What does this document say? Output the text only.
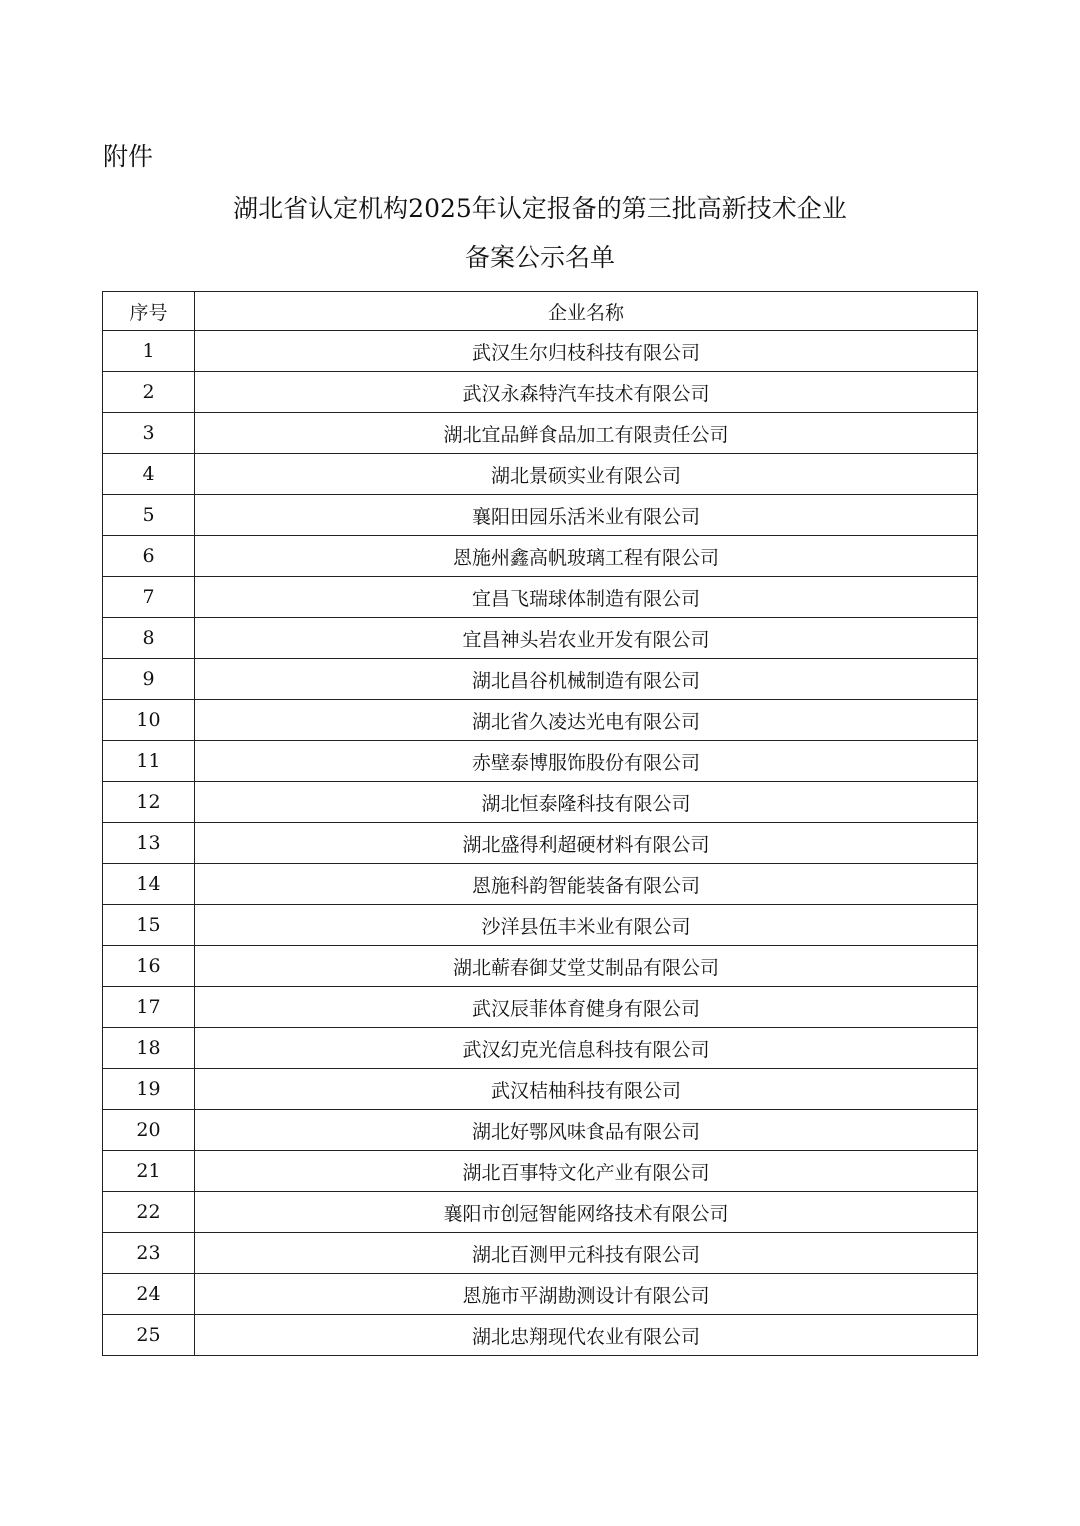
附件
湖北省认定机构2025年认定报备的第三批高新技术企业
备案公示名单
序号	企业名称
1	武汉生尔归枝科技有限公司
2	武汉永森特汽车技术有限公司
3	湖北宜品鲜食品加工有限责任公司
4	湖北景硕实业有限公司
5	襄阳田园乐活米业有限公司
6	恩施州鑫高帆玻璃工程有限公司
7	宜昌飞瑞球体制造有限公司
8	宜昌神头岩农业开发有限公司
9	湖北昌谷机械制造有限公司
10	湖北省久凌达光电有限公司
11	赤壁泰博服饰股份有限公司
12	湖北恒泰隆科技有限公司
13	湖北盛得利超硬材料有限公司
14	恩施科韵智能装备有限公司
15	沙洋县伍丰米业有限公司
16	湖北蕲春御艾堂艾制品有限公司
17	武汉辰菲体育健身有限公司
18	武汉幻克光信息科技有限公司
19	武汉桔柚科技有限公司
20	湖北好鄂风味食品有限公司
21	湖北百事特文化产业有限公司
22	襄阳市创冠智能网络技术有限公司
23	湖北百测甲元科技有限公司
24	恩施市平湖勘测设计有限公司
25	湖北忠翔现代农业有限公司
